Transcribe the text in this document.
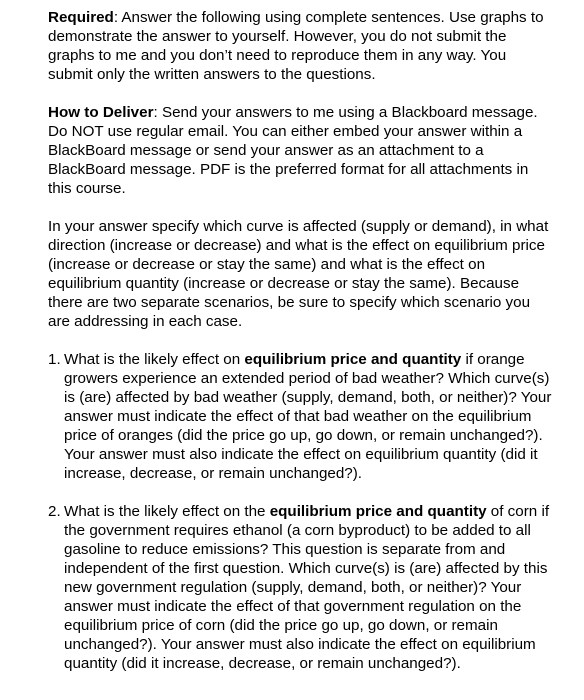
Required: Answer the following using complete sentences. Use graphs to demonstrate the answer to yourself. However, you do not submit the graphs to me and you don’t need to reproduce them in any way. You submit only the written answers to the questions.

How to Deliver: Send your answers to me using a Blackboard message. Do NOT use regular email. You can either embed your answer within a BlackBoard message or send your answer as an attachment to a BlackBoard message. PDF is the preferred format for all attachments in this course.

In your answer specify which curve is affected (supply or demand), in what direction (increase or decrease) and what is the effect on equilibrium price (increase or decrease or stay the same) and what is the effect on equilibrium quantity (increase or decrease or stay the same). Because there are two separate scenarios, be sure to specify which scenario you are addressing in each case.

1. What is the likely effect on equilibrium price and quantity if orange growers experience an extended period of bad weather? Which curve(s) is (are) affected by bad weather (supply, demand, both, or neither)? Your answer must indicate the effect of that bad weather on the equilibrium price of oranges (did the price go up, go down, or remain unchanged?). Your answer must also indicate the effect on equilibrium quantity (did it increase, decrease, or remain unchanged?).
2. What is the likely effect on the equilibrium price and quantity of corn if the government requires ethanol (a corn byproduct) to be added to all gasoline to reduce emissions? This question is separate from and independent of the first question. Which curve(s) is (are) affected by this new government regulation (supply, demand, both, or neither)? Your answer must indicate the effect of that government regulation on the equilibrium price of corn (did the price go up, go down, or remain unchanged?). Your answer must also indicate the effect on equilibrium quantity (did it increase, decrease, or remain unchanged?).
